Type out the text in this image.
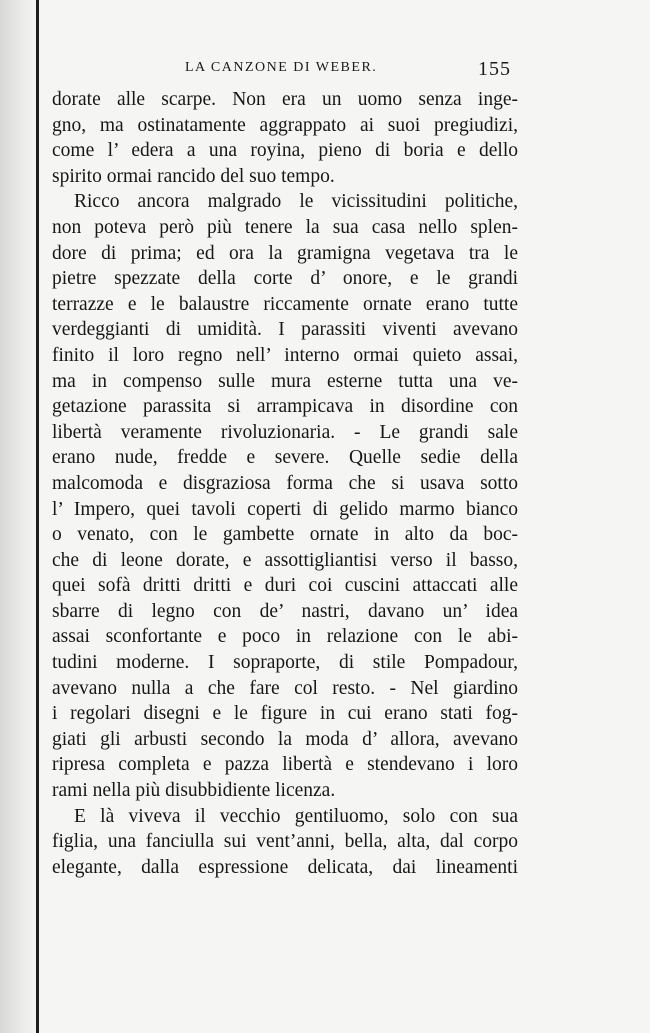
LA CANZONE DI WEBER.	155
dorate alle scarpe. Non era un uomo senza inge-
gno, ma ostinatamente aggrappato ai suoi pregiudizi,
come l’ edera a una royina, pieno di boria e dello
spirito ormai rancido del suo tempo.
Ricco ancora malgrado le vicissitudini politiche,
non poteva però più tenere la sua casa nello splen-
dore di prima; ed ora la gramigna vegetava tra le
pietre spezzate della corte d’ onore, e le grandi
terrazze e le balaustre riccamente ornate erano tutte
verdeggianti di umidità. I parassiti viventi avevano
finito il loro regno nell’ interno ormai quieto assai,
ma in compenso sulle mura esterne tutta una ve-
getazione parassita si arrampicava in disordine con
libertà veramente rivoluzionaria. - Le grandi sale
erano nude, fredde e severe. Quelle sedie della
malcomoda e disgraziosa forma che si usava sotto
l’ Impero, quei tavoli coperti di gelido marmo bianco
o venato, con le gambette ornate in alto da boc-
che di leone dorate, e assottigliantisi verso il basso,
quei sofà dritti dritti e duri coi cuscini attaccati alle
sbarre di legno con de’ nastri, davano un’ idea
assai sconfortante e poco in relazione con le abi-
tudini moderne. I sopraporte, di stile Pompadour,
avevano nulla a che fare col resto. - Nel giardino
i regolari disegni e le figure in cui erano stati fog-
giati gli arbusti secondo la moda d’ allora, avevano
ripresa completa e pazza libertà e stendevano i loro
rami nella più disubbidiente licenza.
E là viveva il vecchio gentiluomo, solo con sua
figlia, una fanciulla sui vent’anni, bella, alta, dal corpo
elegante, dalla espressione delicata, dai lineamenti
